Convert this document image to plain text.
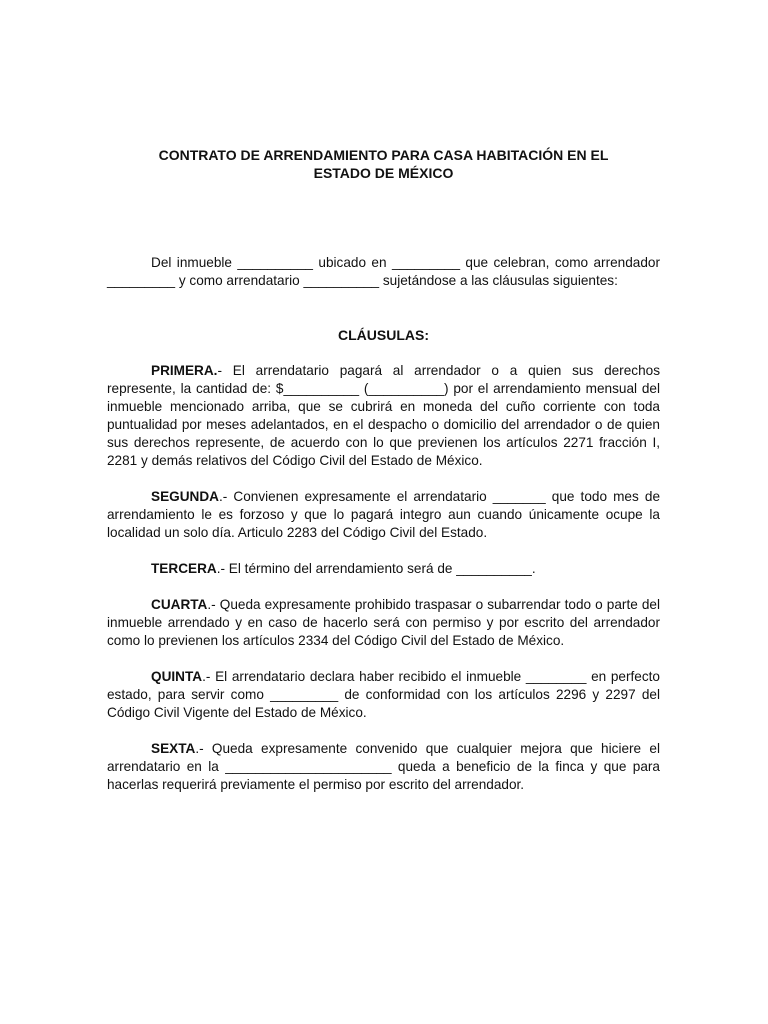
CONTRATO DE ARRENDAMIENTO PARA CASA HABITACIÓN EN EL
ESTADO DE MÉXICO

Del inmueble __________ ubicado en _________ que celebran, como arrendador _________ y como arrendatario __________ sujetándose a las cláusulas siguientes:

CLÁUSULAS:

PRIMERA.- El arrendatario pagará al arrendador o a quien sus derechos represente, la cantidad de: $__________ (__________) por el arrendamiento mensual del inmueble mencionado arriba, que se cubrirá en moneda del cuño corriente con toda puntualidad por meses adelantados, en el despacho o domicilio del arrendador o de quien sus derechos represente, de acuerdo con lo que previenen los artículos 2271 fracción I, 2281 y demás relativos del Código Civil del Estado de México.

SEGUNDA.- Convienen expresamente el arrendatario _______ que todo mes de arrendamiento le es forzoso y que lo pagará integro aun cuando únicamente ocupe la localidad un solo día. Articulo 2283 del Código Civil del Estado.

TERCERA.- El término del arrendamiento será de __________.

CUARTA.- Queda expresamente prohibido traspasar o subarrendar todo o parte del inmueble arrendado y en caso de hacerlo será con permiso y por escrito del arrendador como lo previenen los artículos 2334 del Código Civil del Estado de México.

QUINTA.- El arrendatario declara haber recibido el inmueble ________ en perfecto estado, para servir como _________ de conformidad con los artículos 2296 y 2297 del Código Civil Vigente del Estado de México.

SEXTA.- Queda expresamente convenido que cualquier mejora que hiciere el arrendatario en la ______________________ queda a beneficio de la finca y que para hacerlas requerirá previamente el permiso por escrito del arrendador.
